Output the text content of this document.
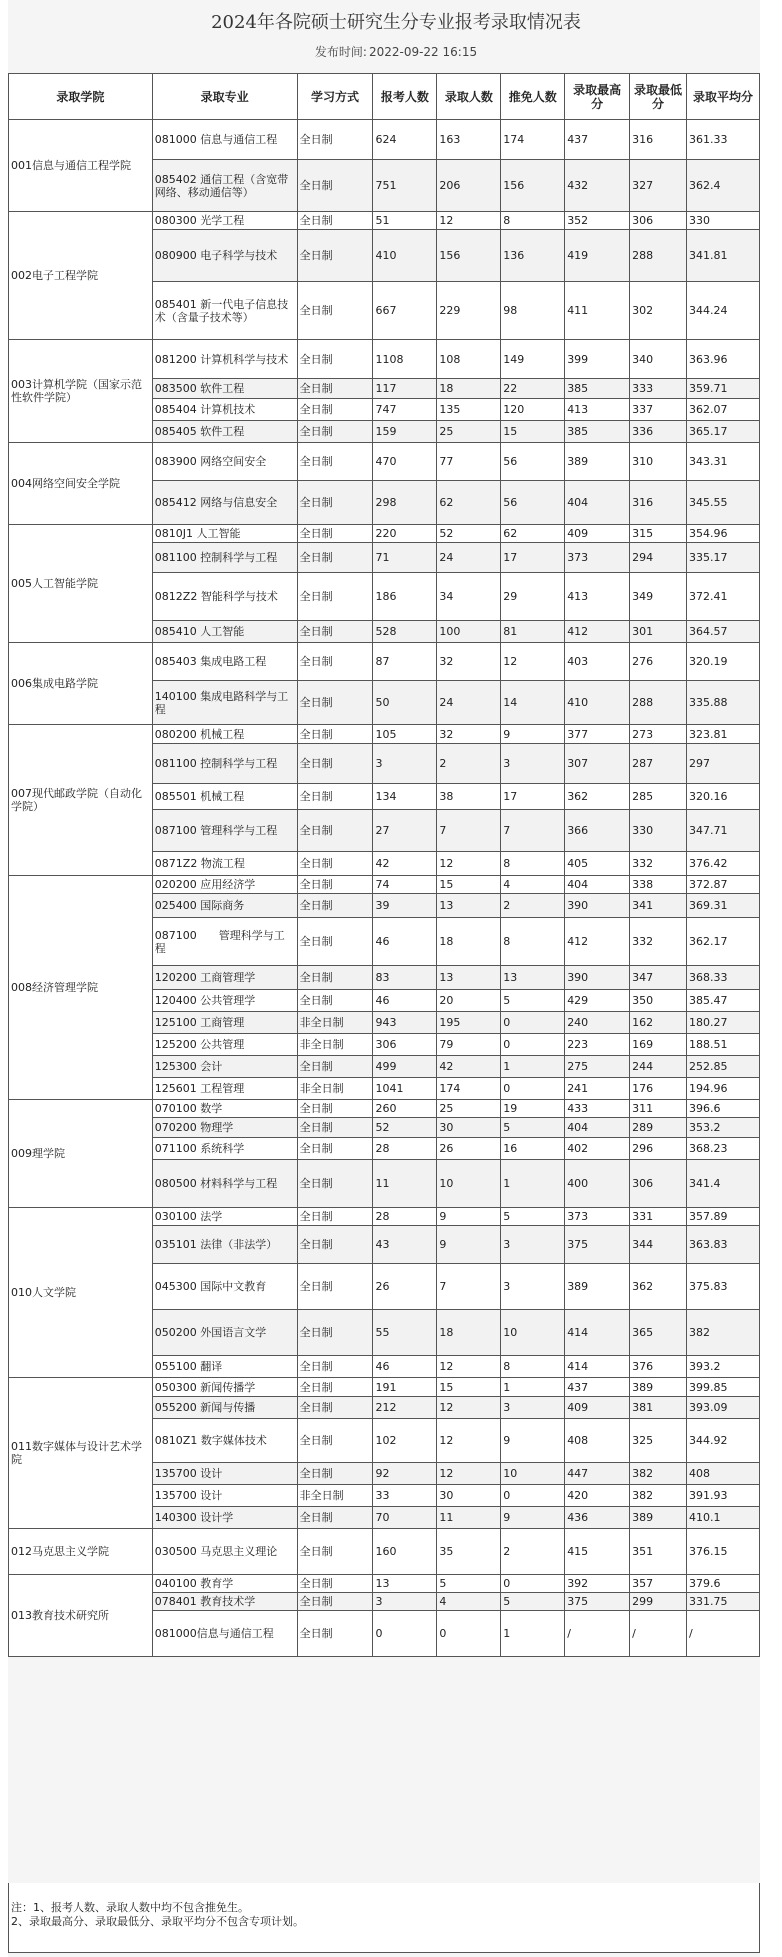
2024年各院硕士研究生分专业报考录取情况表
发布时间: 2022-09-22 16:15
录取学院	录取专业	学习方式	报考人数	录取人数	推免人数	录取最高分	录取最低分	录取平均分
001信息与通信工程学院	081000 信息与通信工程	全日制	624	163	174	437	316	361.33
	085402 通信工程（含宽带网络、移动通信等）	全日制	751	206	156	432	327	362.4
002电子工程学院	080300 光学工程	全日制	51	12	8	352	306	330
	080900 电子科学与技术	全日制	410	156	136	419	288	341.81
	085401 新一代电子信息技术（含量子技术等）	全日制	667	229	98	411	302	344.24
003计算机学院（国家示范性软件学院）	081200 计算机科学与技术	全日制	1108	108	149	399	340	363.96
	083500 软件工程	全日制	117	18	22	385	333	359.71
	085404 计算机技术	全日制	747	135	120	413	337	362.07
	085405 软件工程	全日制	159	25	15	385	336	365.17
004网络空间安全学院	083900 网络空间安全	全日制	470	77	56	389	310	343.31
	085412 网络与信息安全	全日制	298	62	56	404	316	345.55
005人工智能学院	0810J1 人工智能	全日制	220	52	62	409	315	354.96
	081100 控制科学与工程	全日制	71	24	17	373	294	335.17
	0812Z2 智能科学与技术	全日制	186	34	29	413	349	372.41
	085410 人工智能	全日制	528	100	81	412	301	364.57
006集成电路学院	085403 集成电路工程	全日制	87	32	12	403	276	320.19
	140100 集成电路科学与工程	全日制	50	24	14	410	288	335.88
007现代邮政学院（自动化学院）	080200 机械工程	全日制	105	32	9	377	273	323.81
	081100 控制科学与工程	全日制	3	2	3	307	287	297
	085501 机械工程	全日制	134	38	17	362	285	320.16
	087100 管理科学与工程	全日制	27	7	7	366	330	347.71
	0871Z2 物流工程	全日制	42	12	8	405	332	376.42
008经济管理学院	020200 应用经济学	全日制	74	15	4	404	338	372.87
	025400 国际商务	全日制	39	13	2	390	341	369.31
	087100　　管理科学与工程	全日制	46	18	8	412	332	362.17
	120200 工商管理学	全日制	83	13	13	390	347	368.33
	120400 公共管理学	全日制	46	20	5	429	350	385.47
	125100 工商管理	非全日制	943	195	0	240	162	180.27
	125200 公共管理	非全日制	306	79	0	223	169	188.51
	125300 会计	全日制	499	42	1	275	244	252.85
	125601 工程管理	非全日制	1041	174	0	241	176	194.96
009理学院	070100 数学	全日制	260	25	19	433	311	396.6
	070200 物理学	全日制	52	30	5	404	289	353.2
	071100 系统科学	全日制	28	26	16	402	296	368.23
	080500 材料科学与工程	全日制	11	10	1	400	306	341.4
010人文学院	030100 法学	全日制	28	9	5	373	331	357.89
	035101 法律（非法学）	全日制	43	9	3	375	344	363.83
	045300 国际中文教育	全日制	26	7	3	389	362	375.83
	050200 外国语言文学	全日制	55	18	10	414	365	382
	055100 翻译	全日制	46	12	8	414	376	393.2
011数字媒体与设计艺术学院	050300 新闻传播学	全日制	191	15	1	437	389	399.85
	055200 新闻与传播	全日制	212	12	3	409	381	393.09
	0810Z1 数字媒体技术	全日制	102	12	9	408	325	344.92
	135700 设计	全日制	92	12	10	447	382	408
	135700 设计	非全日制	33	30	0	420	382	391.93
	140300 设计学	全日制	70	11	9	436	389	410.1
012马克思主义学院	030500 马克思主义理论	全日制	160	35	2	415	351	376.15
013教育技术研究所	040100 教育学	全日制	13	5	0	392	357	379.6
	078401 教育技术学	全日制	3	4	5	375	299	331.75
	081000信息与通信工程	全日制	0	0	1	/	/	/
注：1、报考人数、录取人数中均不包含推免生。
2、录取最高分、录取最低分、录取平均分不包含专项计划。
